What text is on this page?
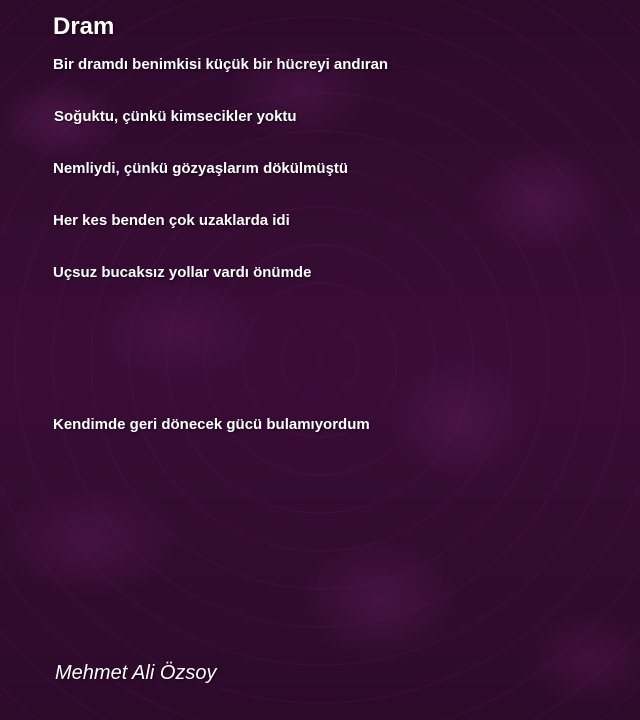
Dram

Bir dramdı benimkisi küçük bir hücreyi andıran

Soğuktu, çünkü kimsecikler yoktu

Nemliydi, çünkü gözyaşlarım dökülmüştü

Her kes benden çok uzaklarda idi

Uçsuz bucaksız yollar vardı önümde

Kendimde geri dönecek gücü bulamıyordum

Mehmet Ali Özsoy
